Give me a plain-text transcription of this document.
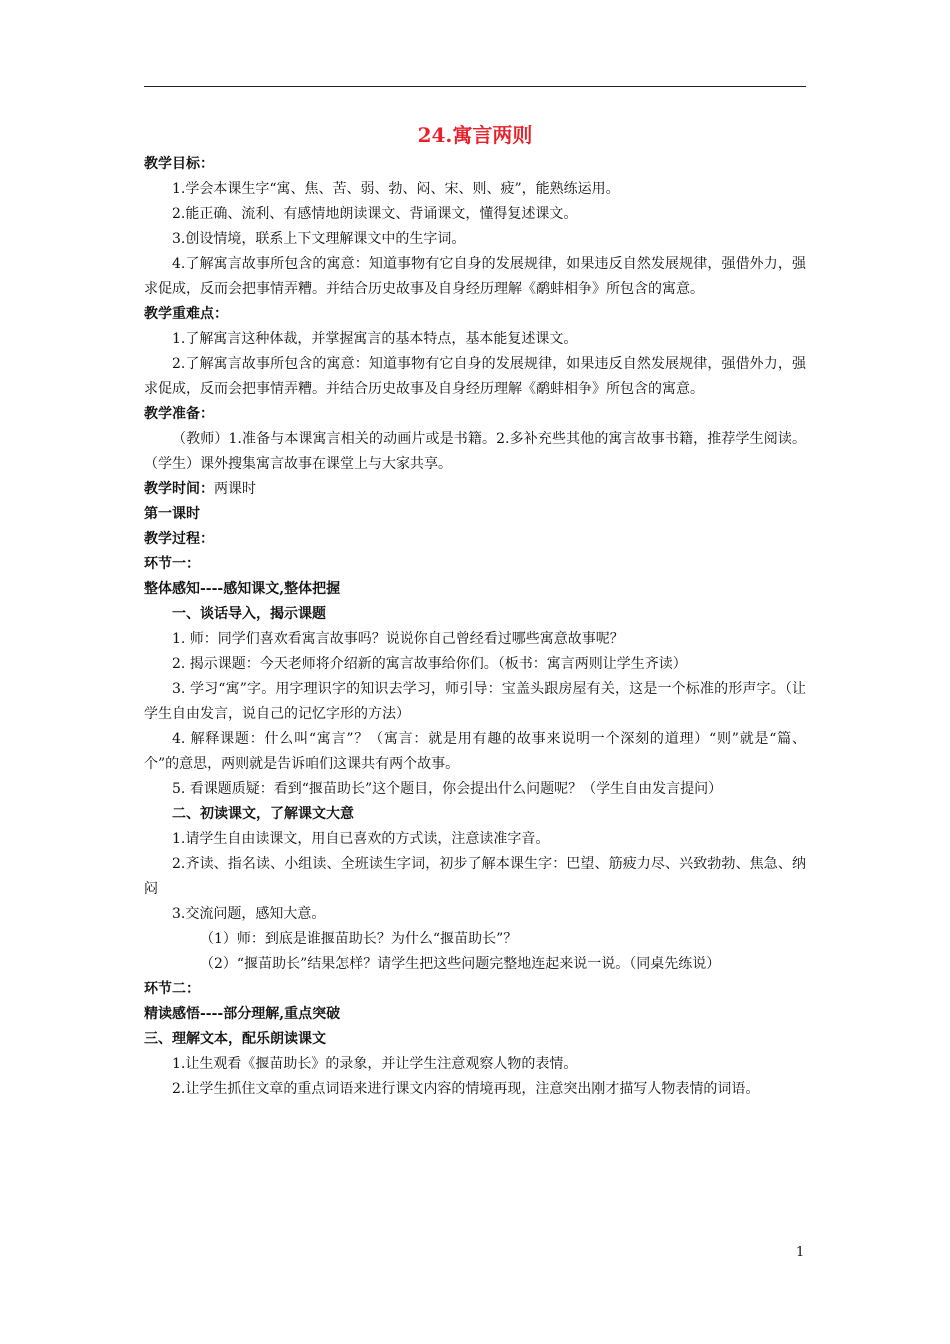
24.寓言两则

教学目标：

1.学会本课生字“寓、焦、苦、弱、勃、闷、宋、则、疲”，能熟练运用。

2.能正确、流利、有感情地朗读课文、背诵课文，懂得复述课文。

3.创设情境，联系上下文理解课文中的生字词。

4.了解寓言故事所包含的寓意：知道事物有它自身的发展规律，如果违反自然发展规律，强借外力，强求促成，反而会把事情弄糟。并结合历史故事及自身经历理解《鹬蚌相争》所包含的寓意。

教学重难点：

1.了解寓言这种体裁，并掌握寓言的基本特点，基本能复述课文。

2.了解寓言故事所包含的寓意：知道事物有它自身的发展规律，如果违反自然发展规律，强借外力，强求促成，反而会把事情弄糟。并结合历史故事及自身经历理解《鹬蚌相争》所包含的寓意。

教学准备：

（教师）1.准备与本课寓言相关的动画片或是书籍。2.多补充些其他的寓言故事书籍，推荐学生阅读。（学生）课外搜集寓言故事在课堂上与大家共享。

教学时间：两课时

第一课时

教学过程：

环节一：

整体感知----感知课文,整体把握

一、谈话导入，揭示课题

1. 师：同学们喜欢看寓言故事吗？说说你自己曾经看过哪些寓意故事呢？

2. 揭示课题：今天老师将介绍新的寓言故事给你们。（板书：寓言两则让学生齐读）

3. 学习“寓”字。用字理识字的知识去学习，师引导：宝盖头跟房屋有关，这是一个标准的形声字。（让学生自由发言，说自己的记忆字形的方法）

4. 解释课题：什么叫“寓言”？（寓言：就是用有趣的故事来说明一个深刻的道理）“则”就是“篇、个”的意思，两则就是告诉咱们这课共有两个故事。

5. 看课题质疑：看到“揠苗助长”这个题目，你会提出什么问题呢？（学生自由发言提问）

二、初读课文，了解课文大意

1.请学生自由读课文，用自已喜欢的方式读，注意读准字音。

2.齐读、指名读、小组读、全班读生字词，初步了解本课生字：巴望、筋疲力尽、兴致勃勃、焦急、纳闷

3.交流问题，感知大意。

（1）师：到底是谁揠苗助长？为什么“揠苗助长”？

（2）“揠苗助长”结果怎样？请学生把这些问题完整地连起来说一说。（同桌先练说）

环节二：

精读感悟----部分理解,重点突破

三、理解文本，配乐朗读课文

1.让生观看《揠苗助长》的录象，并让学生注意观察人物的表情。

2.让学生抓住文章的重点词语来进行课文内容的情境再现，注意突出刚才描写人物表情的词语。

1
